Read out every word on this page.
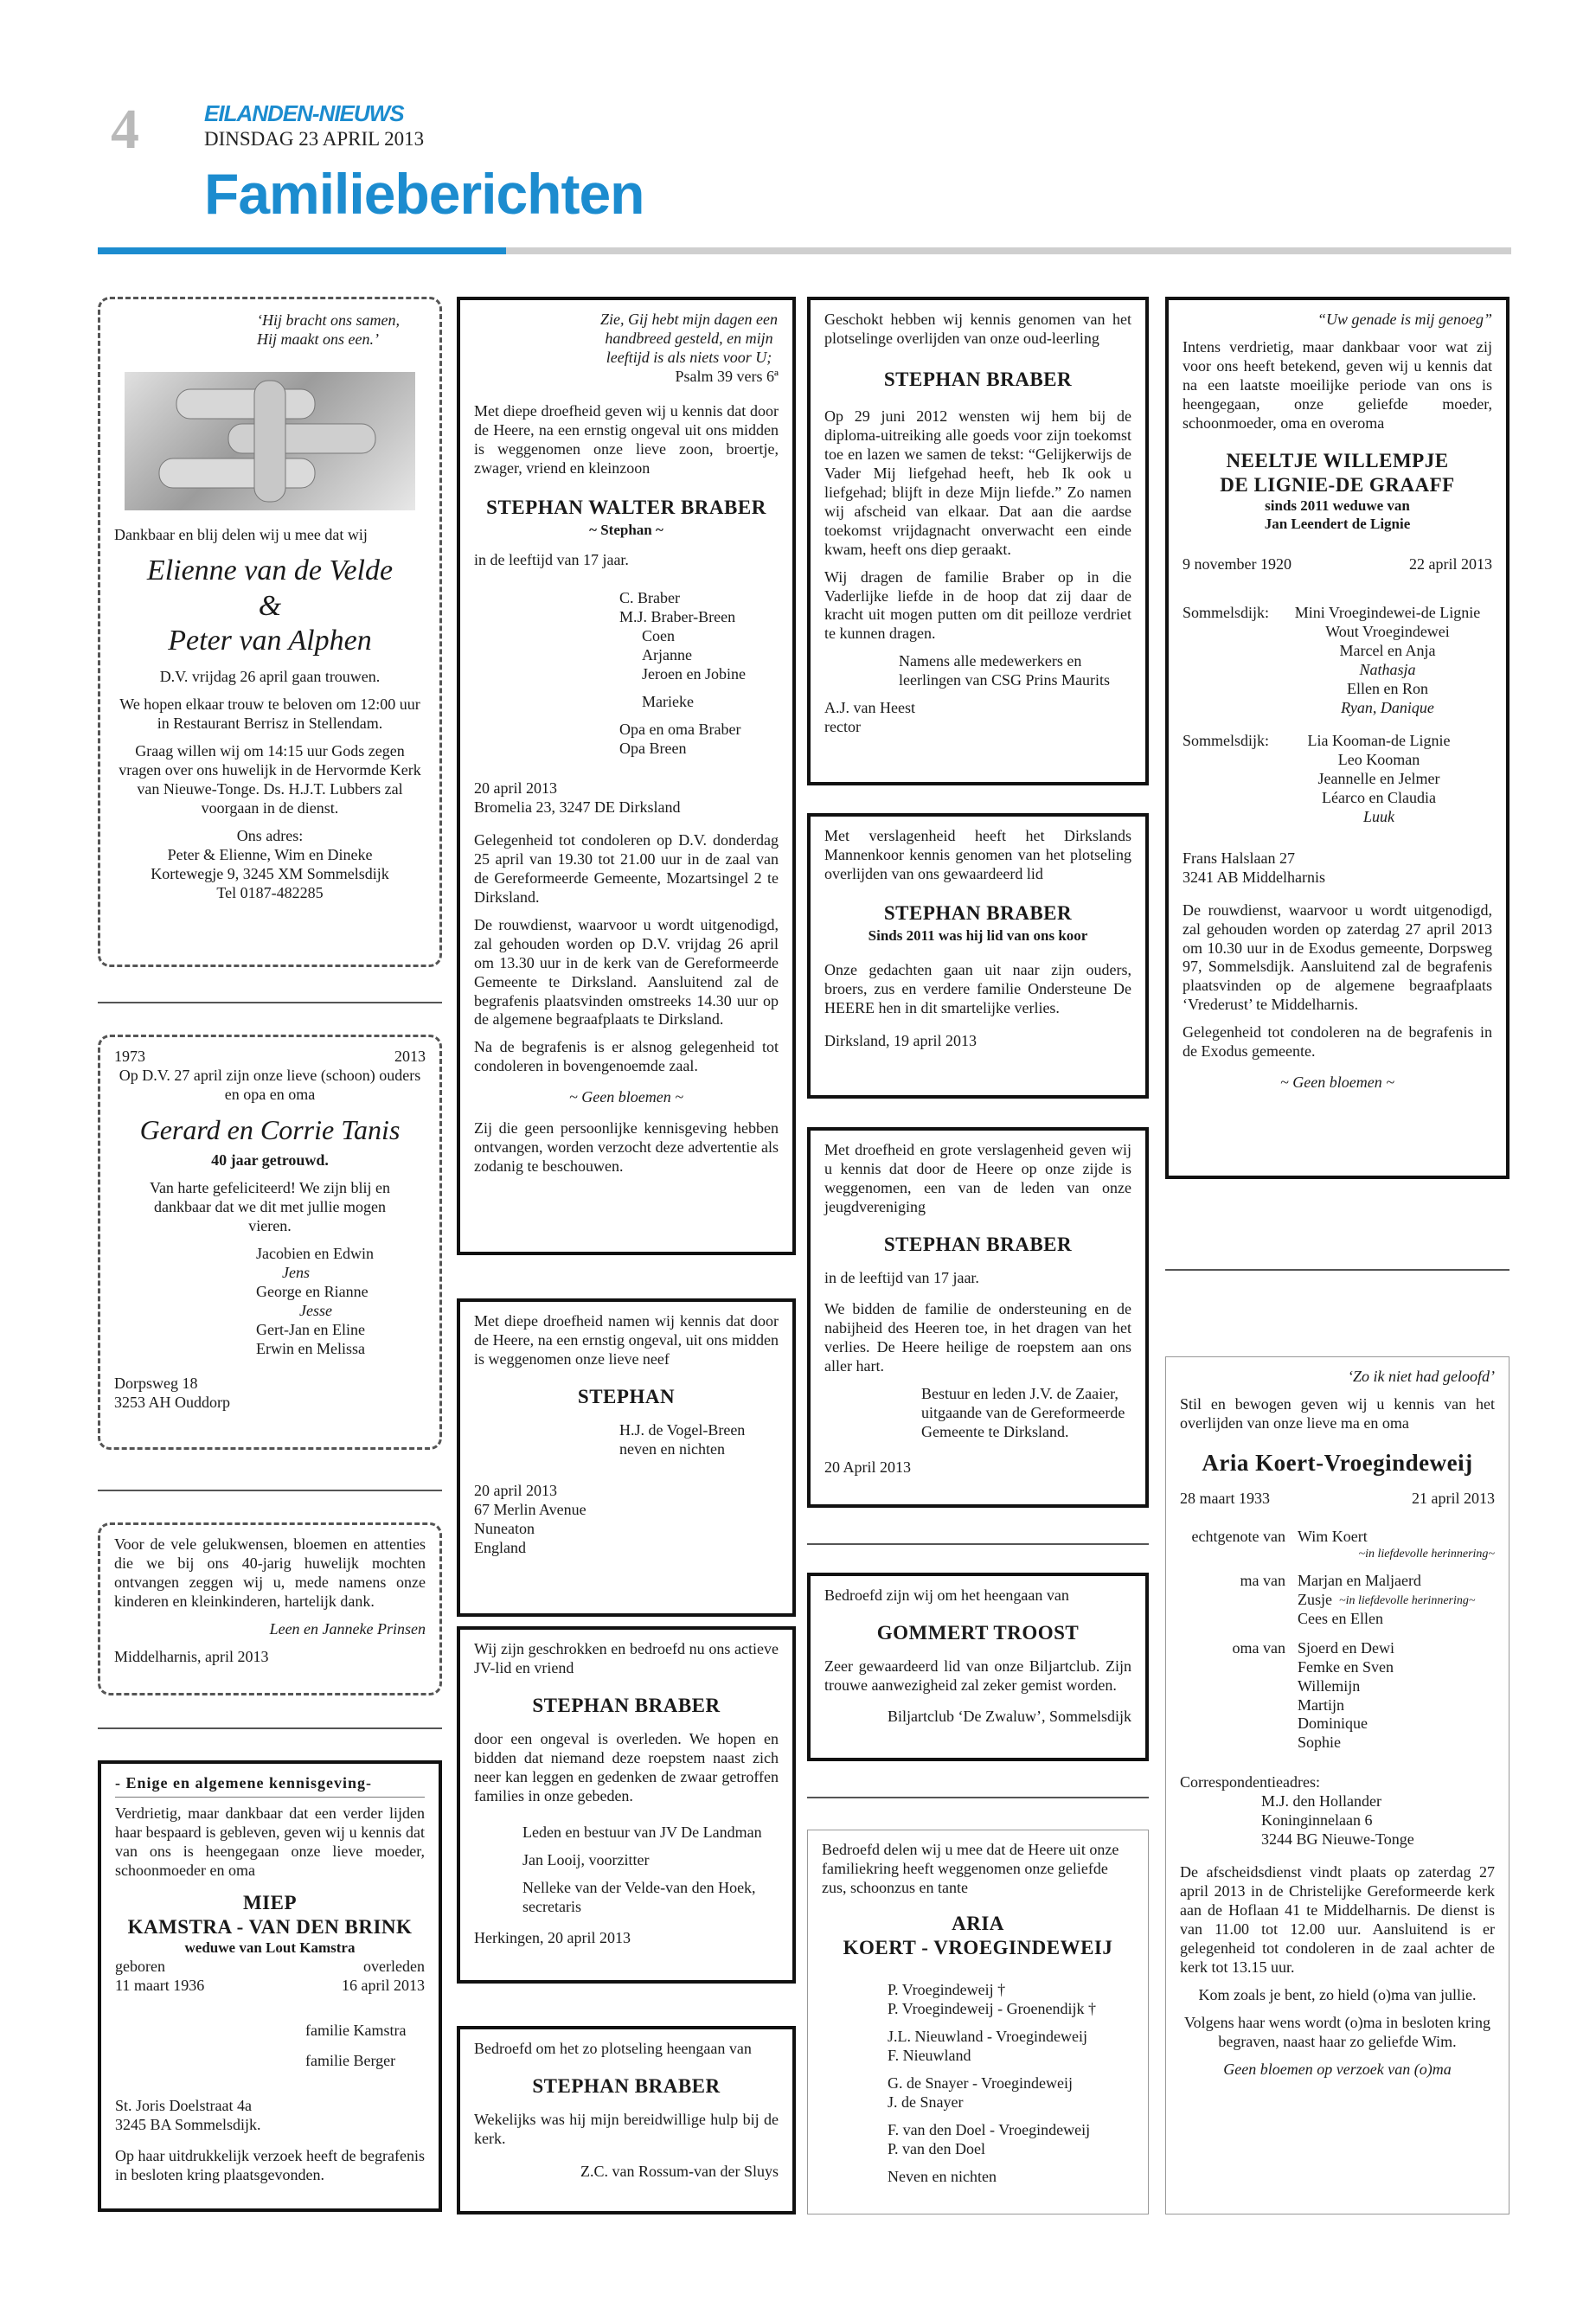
4	EILANDEN-NIEUWS
DINSDAG 23 APRIL 2013
Familieberichten
‘Hij bracht ons samen,
Hij maakt ons een.’

Dankbaar en blij delen wij u mee dat wij

Elienne van de Velde
&
Peter van Alphen

D.V. vrijdag 26 april gaan trouwen.

We hopen elkaar trouw te beloven om 12:00 uur in Restaurant Berrisz in Stellendam.

Graag willen wij om 14:15 uur Gods zegen vragen over ons huwelijk in de Hervormde Kerk van Nieuwe-Tonge. Ds. H.J.T. Lubbers zal voorgaan in de dienst.

Ons adres:
Peter & Elienne, Wim en Dineke
Kortewegje 9, 3245 XM Sommelsdijk
Tel 0187-482285
1973	2013

Op D.V. 27 april zijn onze lieve (schoon) ouders en opa en oma

Gerard en Corrie Tanis

40 jaar getrouwd.

Van harte gefeliciteerd! We zijn blij en dankbaar dat we dit met jullie mogen vieren.

Jacobien en Edwin
Jens
George en Rianne
Jesse
Gert-Jan en Eline
Erwin en Melissa
Dorpsweg 18
3253 AH Ouddorp

Voor de vele gelukwensen, bloemen en attenties die we bij ons 40-jarig huwelijk mochten ontvangen zeggen wij u, mede namens onze kinderen en kleinkinderen, hartelijk dank.

Leen en Janneke Prinsen

Middelharnis, april 2013
- Enige en algemene kennisgeving-

Verdrietig, maar dankbaar dat een verder lijden haar bespaard is gebleven, geven wij u kennis dat van ons is heengegaan onze lieve moeder, schoonmoeder en oma

MIEP
KAMSTRA - VAN DEN BRINK
weduwe van Lout Kamstra
geboren	overleden
11 maart 1936	16 april 2013
familie Kamstra
familie Berger
St. Joris Doelstraat 4a
3245 BA Sommelsdijk.

Op haar uitdrukkelijk verzoek heeft de begrafenis in besloten kring plaatsgevonden.

Zie, Gij hebt mijn dagen een
handbreed gesteld, en mijn
leeftijd is als niets voor U;

Psalm 39 vers 6ª

Met diepe droefheid geven wij u kennis dat door de Heere, na een ernstig ongeval uit ons midden is weggenomen onze lieve zoon, broertje, zwager, vriend en kleinzoon

STEPHAN WALTER BRABER
~ Stephan ~

in de leeftijd van 17 jaar.

C. Braber
M.J. Braber-Breen
Coen
Arjanne
Jeroen en Jobine
Marieke
Opa en oma Braber
Opa Breen
20 april 2013

Bromelia 23, 3247 DE Dirksland

Gelegenheid tot condoleren op D.V. donderdag 25 april van 19.30 tot 21.00 uur in de zaal van de Gereformeerde Gemeente, Mozartsingel 2 te Dirksland.

De rouwdienst, waarvoor u wordt uitgenodigd, zal gehouden worden op D.V. vrijdag 26 april om 13.30 uur in de kerk van de Gereformeerde Gemeente te Dirksland. Aansluitend zal de begrafenis plaatsvinden omstreeks 14.30 uur op de algemene begraafplaats te Dirksland.

Na de begrafenis is er alsnog gelegenheid tot condoleren in bovengenoemde zaal.

~ Geen bloemen ~

Zij die geen persoonlijke kennisgeving hebben ontvangen, worden verzocht deze advertentie als zodanig te beschouwen.

Met diepe droefheid namen wij kennis dat door de Heere, na een ernstig ongeval, uit ons midden is weggenomen onze lieve neef

STEPHAN
H.J. de Vogel-Breen
neven en nichten
20 april 2013
67 Merlin Avenue
Nuneaton
England

Wij zijn geschrokken en bedroefd nu ons actieve JV-lid en vriend

STEPHAN BRABER

door een ongeval is overleden. We hopen en bidden dat niemand deze roepstem naast zich neer kan leggen en gedenken de zwaar getroffen families in onze gebeden.

Leden en bestuur van JV De Landman

Jan Looij, voorzitter

Nelleke van der Velde-van den Hoek, secretaris

Herkingen, 20 april 2013

Bedroefd om het zo plotseling heengaan van

STEPHAN BRABER

Wekelijks was hij mijn bereidwillige hulp bij de kerk.

Z.C. van Rossum-van der Sluys

Geschokt hebben wij kennis genomen van het plotselinge overlijden van onze oud-leerling

STEPHAN BRABER

Op 29 juni 2012 wensten wij hem bij de diploma-uitreiking alle goeds voor zijn toekomst toe en lazen we samen de tekst: “Gelijkerwijs de Vader Mij liefgehad heeft, heb Ik ook u liefgehad; blijft in deze Mijn liefde.” Zo namen wij afscheid van elkaar. Dat aan die aardse toekomst vrijdagnacht onverwacht een einde kwam, heeft ons diep geraakt.

Wij dragen de familie Braber op in die Vaderlijke liefde in de hoop dat zij daar de kracht uit mogen putten om dit peilloze verdriet te kunnen dragen.

Namens alle medewerkers en leerlingen van CSG Prins Maurits

A.J. van Heest
rector

Met verslagenheid heeft het Dirkslands Mannenkoor kennis genomen van het plotseling overlijden van ons gewaardeerd lid

STEPHAN BRABER
Sinds 2011 was hij lid van ons koor

Onze gedachten gaan uit naar zijn ouders, broers, zus en verdere familie Ondersteune De HEERE hen in dit smartelijke verlies.

Dirksland, 19 april 2013

Met droefheid en grote verslagenheid geven wij u kennis dat door de Heere op onze zijde is weggenomen, een van de leden van onze jeugdvereniging

STEPHAN BRABER

in de leeftijd van 17 jaar.

We bidden de familie de ondersteuning en de nabijheid des Heeren toe, in het dragen van het verlies. De Heere heilige de roepstem aan ons aller hart.

Bestuur en leden J.V. de Zaaier, uitgaande van de Gereformeerde Gemeente te Dirksland.

20 April 2013

Bedroefd zijn wij om het heengaan van

GOMMERT TROOST

Zeer gewaardeerd lid van onze Biljartclub. Zijn trouwe aanwezigheid zal zeker gemist worden.

Biljartclub ‘De Zwaluw’, Sommelsdijk

Bedroefd delen wij u mee dat de Heere uit onze familiekring heeft weggenomen onze geliefde zus, schoonzus en tante

ARIA
KOERT - VROEGINDEWEIJ
P. Vroegindeweij †
P. Vroegindeweij - Groenendijk †
J.L. Nieuwland - Vroegindeweij
F. Nieuwland
G. de Snayer - Vroegindeweij
J. de Snayer
F. van den Doel - Vroegindeweij
P. van den Doel
Neven en nichten

“Uw genade is mij genoeg”

Intens verdrietig, maar dankbaar voor wat zij voor ons heeft betekend, geven wij u kennis dat na een laatste moeilijke periode van ons is heengegaan, onze geliefde moeder, schoonmoeder, oma en overoma

NEELTJE WILLEMPJE
DE LIGNIE-DE GRAAFF
sinds 2011 weduwe van
Jan Leendert de Lignie
9 november 1920	22 april 2013
Sommelsdijk:	Mini Vroegindewei-de Lignie
Wout Vroegindewei
Marcel en Anja
Nathasja
Ellen en Ron
Ryan, Danique
Sommelsdijk:	Lia Kooman-de Lignie
Leo Kooman
Jeannelle en Jelmer
Léarco en Claudia
Luuk
Frans Halslaan 27
3241 AB Middelharnis

De rouwdienst, waarvoor u wordt uitgenodigd, zal gehouden worden op zaterdag 27 april 2013 om 10.30 uur in de Exodus gemeente, Dorpsweg 97, Sommelsdijk. Aansluitend zal de begrafenis plaatsvinden op de algemene begraafplaats ‘Vrederust’ te Middelharnis.

Gelegenheid tot condoleren na de begrafenis in de Exodus gemeente.

~ Geen bloemen ~

‘Zo ik niet had geloofd’

Stil en bewogen geven wij u kennis van het overlijden van onze lieve ma en oma

Aria Koert-Vroegindeweij
28 maart 1933	21 april 2013
echtgenote van Wim Koert
~in liefdevolle herinnering~
ma van Marjan en Maljaerd
Zusje ~in liefdevolle herinnering~
Cees en Ellen
oma van Sjoerd en Dewi
Femke en Sven
Willemijn
Martijn
Dominique
Sophie
Correspondentieadres:
M.J. den Hollander
Koninginnelaan 6
3244 BG Nieuwe-Tonge

De afscheidsdienst vindt plaats op zaterdag 27 april 2013 in de Christelijke Gereformeerde kerk aan de Hoflaan 41 te Middelharnis. De dienst is van 11.00 tot 12.00 uur. Aansluitend is er gelegenheid tot condoleren in de zaal achter de kerk tot 13.15 uur.

Kom zoals je bent, zo hield (o)ma van jullie.

Volgens haar wens wordt (o)ma in besloten kring begraven, naast haar zo geliefde Wim.

Geen bloemen op verzoek van (o)ma
